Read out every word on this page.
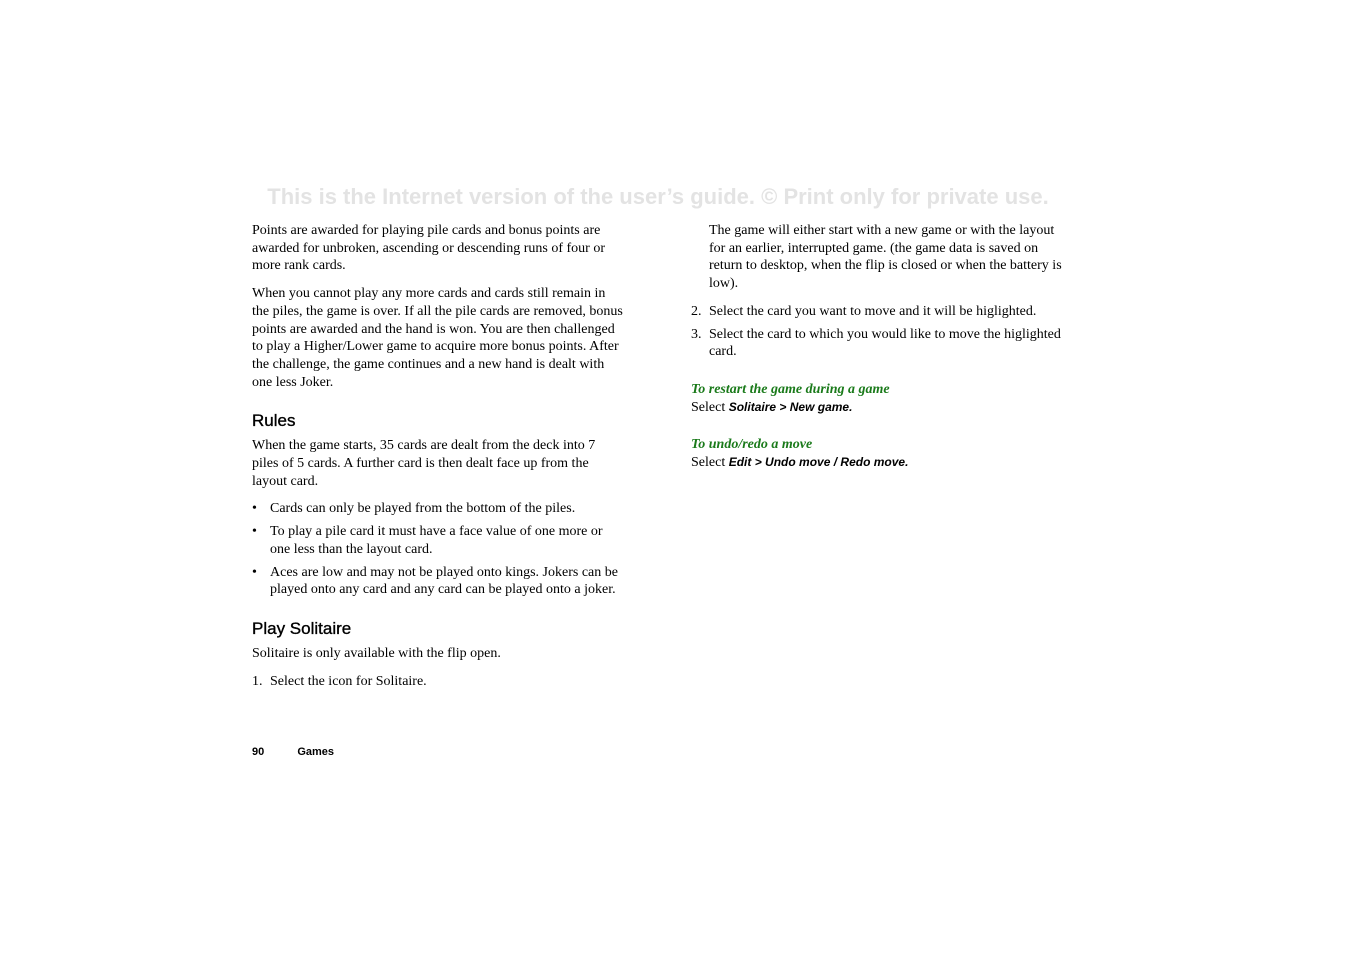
This is the Internet version of the user’s guide. © Print only for private use.

Points are awarded for playing pile cards and bonus points are awarded for unbroken, ascending or descending runs of four or more rank cards.

When you cannot play any more cards and cards still remain in the piles, the game is over. If all the pile cards are removed, bonus points are awarded and the hand is won. You are then challenged to play a Higher/Lower game to acquire more bonus points. After the challenge, the game continues and a new hand is dealt with one less Joker.

Rules

When the game starts, 35 cards are dealt from the deck into 7 piles of 5 cards. A further card is then dealt face up from the layout card.

• Cards can only be played from the bottom of the piles.
• To play a pile card it must have a face value of one more or one less than the layout card.
• Aces are low and may not be played onto kings. Jokers can be played onto any card and any card can be played onto a joker.
Play Solitaire

Solitaire is only available with the flip open.

1. Select the icon for Solitaire.

The game will either start with a new game or with the layout for an earlier, interrupted game. (the game data is saved on return to desktop, when the flip is closed or when the battery is low).

2. Select the card you want to move and it will be higlighted.
3. Select the card to which you would like to move the higlighted card.
To restart the game during a game
Select Solitaire > New game.
To undo/redo a move
Select Edit > Undo move / Redo move.
90	Games
